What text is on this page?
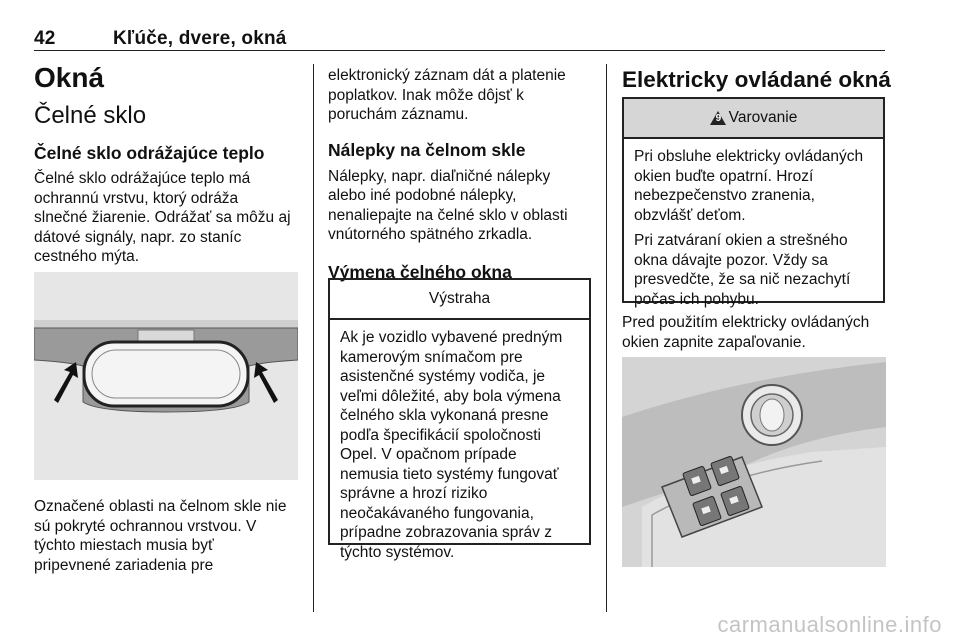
42	Kľúče, dvere, okná
Okná
Čelné sklo
Čelné sklo odrážajúce teplo

Čelné sklo odrážajúce teplo má

ochrannú vrstvu, ktorý odráža

slnečné žiarenie. Odrážať sa môžu aj

dátové signály, napr. zo staníc

cestného mýta.

Označené oblasti na čelnom skle nie

sú pokryté ochrannou vrstvou. V

týchto miestach musia byť

pripevnené zariadenia pre

elektronický záznam dát a platenie

poplatkov. Inak môže dôjsť k

poruchám záznamu.

Nálepky na čelnom skle

Nálepky, napr. diaľničné nálepky

alebo iné podobné nálepky,

nenaliepajte na čelné sklo v oblasti

vnútorného spätného zrkadla.

Výmena čelného okna
Výstraha

Ak je vozidlo vybavené predným

kamerovým snímačom pre

asistenčné systémy vodiča, je

veľmi dôležité, aby bola výmena

čelného skla vykonaná presne

podľa špecifikácií spoločnosti

Opel. V opačnom prípade

nemusia tieto systémy fungovať

správne a hrozí riziko

neočakávaného fungovania,

prípadne zobrazovania správ z

týchto systémov.

Elektricky ovládané okná
9 Varovanie

Pri obsluhe elektricky ovládaných

okien buďte opatrní. Hrozí

nebezpečenstvo zranenia,

obzvlášť deťom.

Pri zatváraní okien a strešného

okna dávajte pozor. Vždy sa

presvedčte, že sa nič nezachytí

počas ich pohybu.

Pred použitím elektricky ovládaných

okien zapnite zapaľovanie.

carmanualsonline.info
